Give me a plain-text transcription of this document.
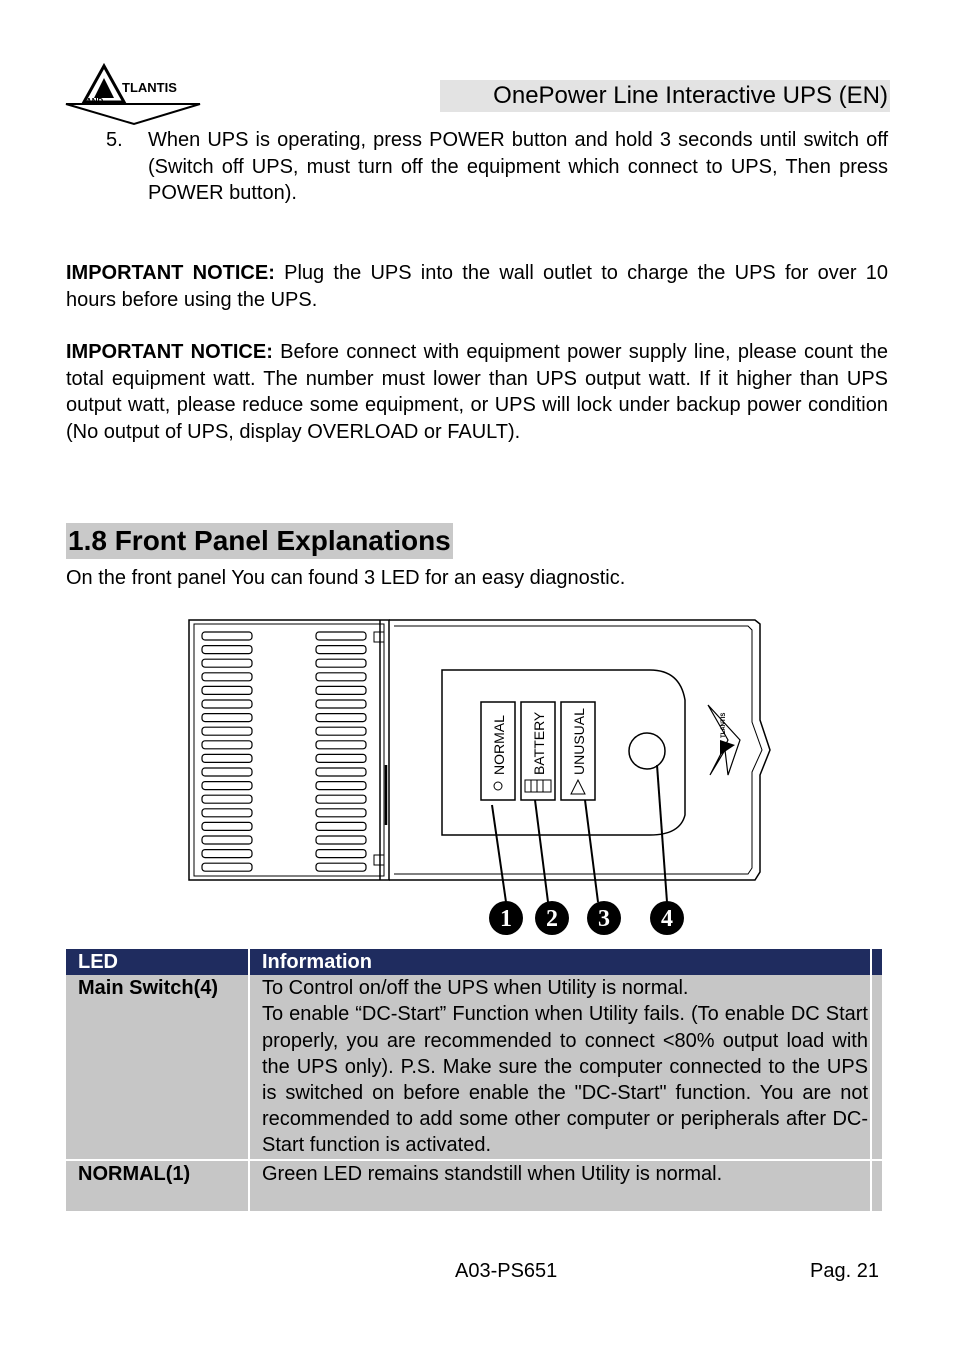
TLANTIS
AND	OnePower Line Interactive UPS (EN)
5. When UPS is operating, press POWER button and hold 3 seconds until switch off (Switch off UPS, must turn off the equipment which connect to UPS, Then press POWER button).
IMPORTANT NOTICE: Plug the UPS into the wall outlet to charge the UPS for over 10 hours before using the UPS.
IMPORTANT NOTICE: Before connect with equipment power supply line, please count the total equipment watt. The number must lower than UPS output watt. If it higher than UPS output watt, please reduce some equipment, or UPS will lock under backup power condition (No output of UPS, display OVERLOAD or FAULT).
1.8 Front Panel Explanations
On the front panel You can found 3 LED for an easy diagnostic.
NORMAL BATTERY UNUSUAL	TLANTIS
1 2 3 4
LED	Information	

Main Switch(4)	To Control on/off the UPS when Utility is normal.
To enable “DC-Start” Function when Utility fails. (To enable DC Start properly, you are recommended to connect <80% output load with the UPS only). P.S. Make sure the computer connected to the UPS is switched on before enable the "DC-Start" function. You are not recommended to add some other computer or peripherals after DC-Start function is activated.	

NORMAL(1)	Green LED remains standstill when Utility is normal.	

A03-PS651	Pag. 21
